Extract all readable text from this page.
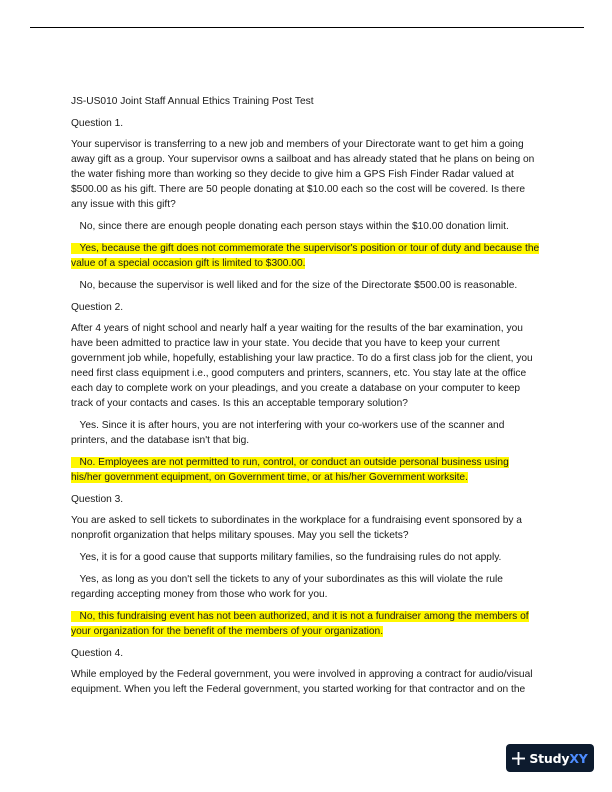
JS-US010 Joint Staff Annual Ethics Training Post Test

Question 1.

Your supervisor is transferring to a new job and members of your Directorate want to get him a going away gift as a group. Your supervisor owns a sailboat and has already stated that he plans on being on the water fishing more than working so they decide to give him a GPS Fish Finder Radar valued at $500.00 as his gift. There are 50 people donating at $10.00 each so the cost will be covered. Is there any issue with this gift?

No, since there are enough people donating each person stays within the $10.00 donation limit.

Yes, because the gift does not commemorate the supervisor's position or tour of duty and because the value of a special occasion gift is limited to $300.00.

No, because the supervisor is well liked and for the size of the Directorate $500.00 is reasonable.

Question 2.

After 4 years of night school and nearly half a year waiting for the results of the bar examination, you have been admitted to practice law in your state. You decide that you have to keep your current government job while, hopefully, establishing your law practice. To do a first class job for the client, you need first class equipment i.e., good computers and printers, scanners, etc. You stay late at the office each day to complete work on your pleadings, and you create a database on your computer to keep track of your contacts and cases. Is this an acceptable temporary solution?

Yes. Since it is after hours, you are not interfering with your co-workers use of the scanner and printers, and the database isn't that big.

No. Employees are not permitted to run, control, or conduct an outside personal business using his/her government equipment, on Government time, or at his/her Government worksite.

Question 3.

You are asked to sell tickets to subordinates in the workplace for a fundraising event sponsored by a nonprofit organization that helps military spouses. May you sell the tickets?

Yes, it is for a good cause that supports military families, so the fundraising rules do not apply.

Yes, as long as you don't sell the tickets to any of your subordinates as this will violate the rule regarding accepting money from those who work for you.

No, this fundraising event has not been authorized, and it is not a fundraiser among the members of your organization for the benefit of the members of your organization.

Question 4.

While employed by the Federal government, you were involved in approving a contract for audio/visual equipment. When you left the Federal government, you started working for that contractor and on the

StudyXY
